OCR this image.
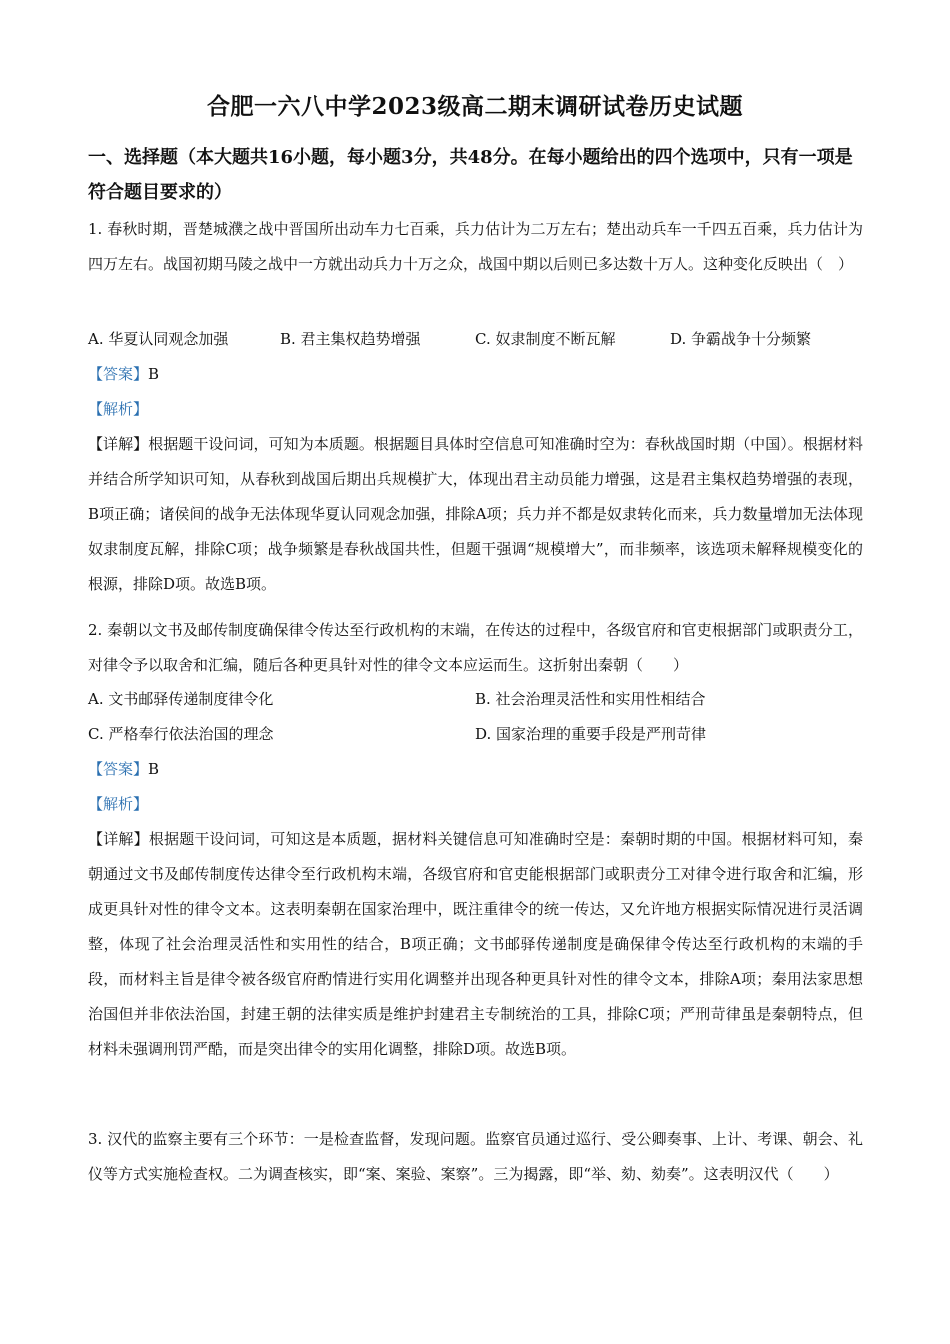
合肥一六八中学2023级高二期末调研试卷历史试题
一、选择题（本大题共16小题，每小题3分，共48分。在每小题给出的四个选项中，只有一项是符合题目要求的）
1. 春秋时期，晋楚城濮之战中晋国所出动车力七百乘，兵力估计为二万左右；楚出动兵车一千四五百乘，兵力估计为四万左右。战国初期马陵之战中一方就出动兵力十万之众，战国中期以后则已多达数十万人。这种变化反映出（　）
A. 华夏认同观念加强	B. 君主集权趋势增强	C. 奴隶制度不断瓦解	D. 争霸战争十分频繁
【答案】B
【解析】
【详解】根据题干设问词，可知为本质题。根据题目具体时空信息可知准确时空为：春秋战国时期（中国）。根据材料并结合所学知识可知，从春秋到战国后期出兵规模扩大，体现出君主动员能力增强，这是君主集权趋势增强的表现，B项正确；诸侯间的战争无法体现华夏认同观念加强，排除A项；兵力并不都是奴隶转化而来，兵力数量增加无法体现奴隶制度瓦解，排除C项；战争频繁是春秋战国共性，但题干强调“规模增大”，而非频率，该选项未解释规模变化的根源，排除D项。故选B项。
2. 秦朝以文书及邮传制度确保律令传达至行政机构的末端，在传达的过程中，各级官府和官吏根据部门或职责分工，对律令予以取舍和汇编，随后各种更具针对性的律令文本应运而生。这折射出秦朝（　　）
A. 文书邮驿传递制度律令化	B. 社会治理灵活性和实用性相结合
C. 严格奉行依法治国的理念	D. 国家治理的重要手段是严刑苛律
【答案】B
【解析】
【详解】根据题干设问词，可知这是本质题，据材料关键信息可知准确时空是：秦朝时期的中国。根据材料可知，秦朝通过文书及邮传制度传达律令至行政机构末端，各级官府和官吏能根据部门或职责分工对律令进行取舍和汇编，形成更具针对性的律令文本。这表明秦朝在国家治理中，既注重律令的统一传达，又允许地方根据实际情况进行灵活调整，体现了社会治理灵活性和实用性的结合，B项正确；文书邮驿传递制度是确保律令传达至行政机构的末端的手段，而材料主旨是律令被各级官府酌情进行实用化调整并出现各种更具针对性的律令文本，排除A项；秦用法家思想治国但并非依法治国，封建王朝的法律实质是维护封建君主专制统治的工具，排除C项；严刑苛律虽是秦朝特点，但材料未强调刑罚严酷，而是突出律令的实用化调整，排除D项。故选B项。
3. 汉代的监察主要有三个环节：一是检查监督，发现问题。监察官员通过巡行、受公卿奏事、上计、考课、朝会、礼仪等方式实施检查权。二为调查核实，即“案、案验、案察”。三为揭露，即“举、劾、劾奏”。这表明汉代（　　）
